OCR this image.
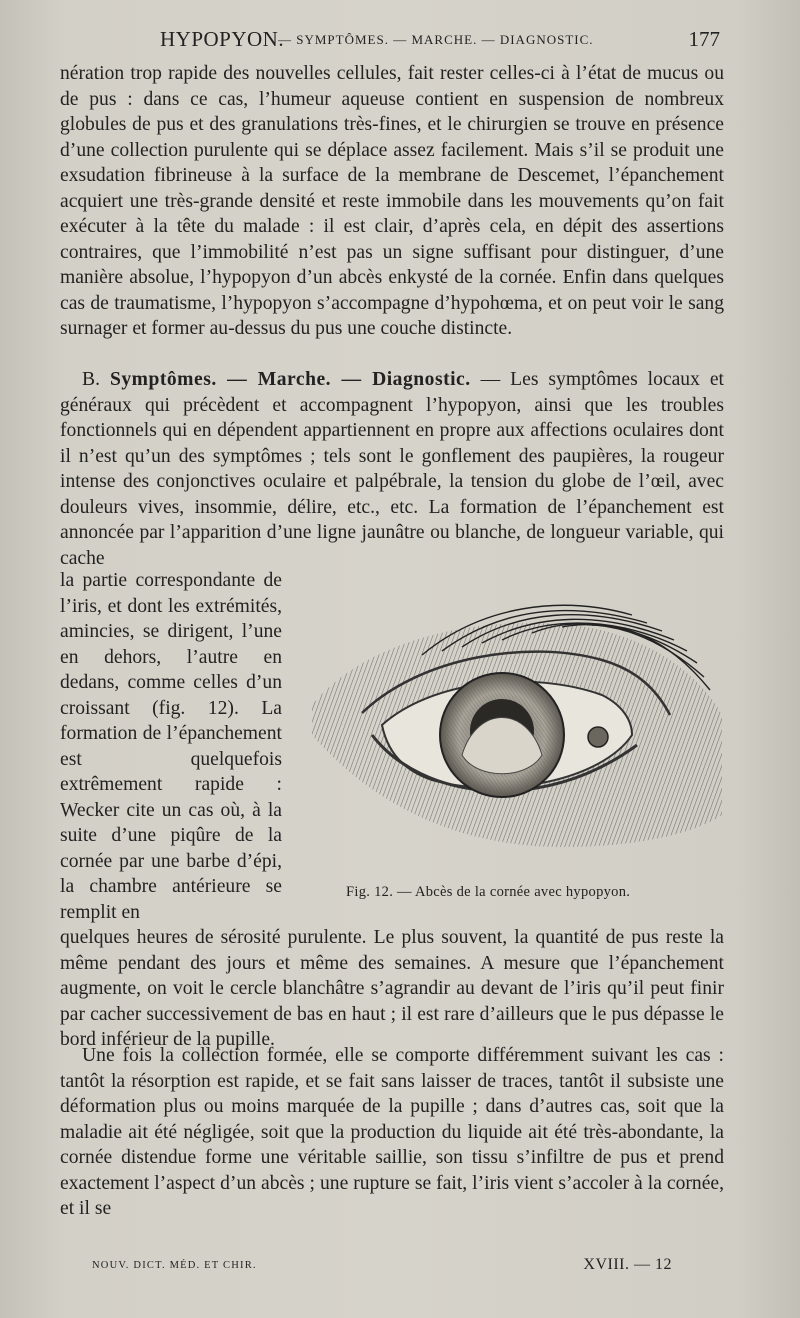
HYPOPYON.
— SYMPTÔMES. — MARCHE. — DIAGNOSTIC.	177

nération trop rapide des nouvelles cellules, fait rester celles-ci à l’état de mucus ou de pus : dans ce cas, l’humeur aqueuse contient en suspension de nombreux globules de pus et des granulations très-fines, et le chirurgien se trouve en présence d’une collection purulente qui se déplace assez facilement. Mais s’il se produit une exsudation fibrineuse à la surface de la membrane de Descemet, l’épanchement acquiert une très-grande densité et reste immobile dans les mouvements qu’on fait exécuter à la tête du malade : il est clair, d’après cela, en dépit des assertions contraires, que l’immobilité n’est pas un signe suffisant pour distinguer, d’une manière absolue, l’hypopyon d’un abcès enkysté de la cornée. Enfin dans quelques cas de traumatisme, l’hypopyon s’accompagne d’hypohœma, et on peut voir le sang surnager et former au-dessus du pus une couche distincte.

B. Symptômes. — Marche. — Diagnostic. — Les symptômes locaux et généraux qui précèdent et accompagnent l’hypopyon, ainsi que les troubles fonctionnels qui en dépendent appartiennent en propre aux affections oculaires dont il n’est qu’un des symptômes ; tels sont le gonflement des paupières, la rougeur intense des conjonctives oculaire et palpébrale, la tension du globe de l’œil, avec douleurs vives, insommie, délire, etc., etc. La formation de l’épanchement est annoncée par l’apparition d’une ligne jaunâtre ou blanche, de longueur variable, qui cache

la partie correspondante de l’iris, et dont les extrémités, amincies, se dirigent, l’une en dehors, l’autre en dedans, comme celles d’un croissant (fig. 12). La formation de l’épanchement est quelquefois extrêmement rapide : Wecker cite un cas où, à la suite d’une piqûre de la cornée par une barbe d’épi, la chambre antérieure se remplit en

Fig. 12. — Abcès de la cornée avec hypopyon.

quelques heures de sérosité purulente. Le plus souvent, la quantité de pus reste la même pendant des jours et même des semaines. A mesure que l’épanchement augmente, on voit le cercle blanchâtre s’agrandir au devant de l’iris qu’il peut finir par cacher successivement de bas en haut ; il est rare d’ailleurs que le pus dépasse le bord inférieur de la pupille.

Une fois la collection formée, elle se comporte différemment suivant les cas : tantôt la résorption est rapide, et se fait sans laisser de traces, tantôt il subsiste une déformation plus ou moins marquée de la pupille ; dans d’autres cas, soit que la maladie ait été négligée, soit que la production du liquide ait été très-abondante, la cornée distendue forme une véritable saillie, son tissu s’infiltre de pus et prend exactement l’aspect d’un abcès ; une rupture se fait, l’iris vient s’accoler à la cornée, et il se

NOUV. DICT. MÉD. ET CHIR.	XVIII. — 12
